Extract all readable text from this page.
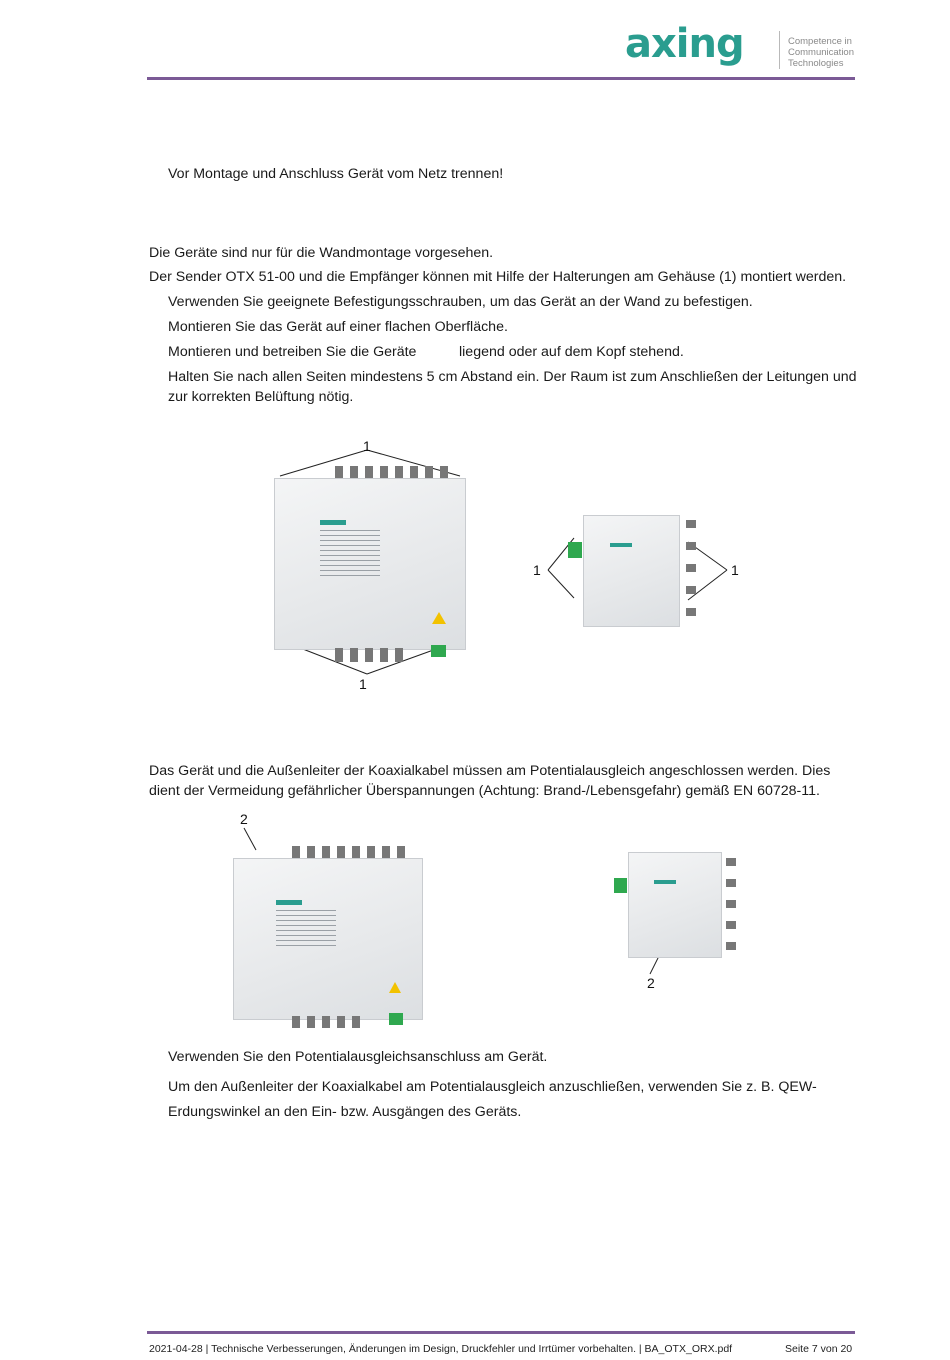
axing	Competence in
Communication
Technologies
Vor Montage und Anschluss Gerät vom Netz trennen!
Die Geräte sind nur für die Wandmontage vorgesehen.
Der Sender OTX 51-00 und die Empfänger können mit Hilfe der Halterungen am Gehäuse (1) montiert werden.
Verwenden Sie geeignete Befestigungsschrauben, um das Gerät an der Wand zu befestigen.
Montieren Sie das Gerät auf einer flachen Oberfläche.
Montieren und betreiben Sie die Geräte	liegend oder auf dem Kopf stehend.
Halten Sie nach allen Seiten mindestens 5 cm Abstand ein. Der Raum ist zum Anschließen der Leitungen und zur korrekten Belüftung nötig.
1
1
1	1
Das Gerät und die Außenleiter der Koaxialkabel müssen am Potentialausgleich angeschlossen werden. Dies dient der Vermeidung gefährlicher Überspannungen (Achtung: Brand-/Lebensgefahr) gemäß EN 60728-11.
2
2
Verwenden Sie den Potentialausgleichsanschluss am Gerät.
Um den Außenleiter der Koaxialkabel am Potentialausgleich anzuschließen, verwenden Sie z. B. QEW-
Erdungswinkel an den Ein- bzw. Ausgängen des Geräts.
2021-04-28 | Technische Verbesserungen, Änderungen im Design, Druckfehler und Irrtümer vorbehalten. | BA_OTX_ORX.pdf	Seite 7 von 20
